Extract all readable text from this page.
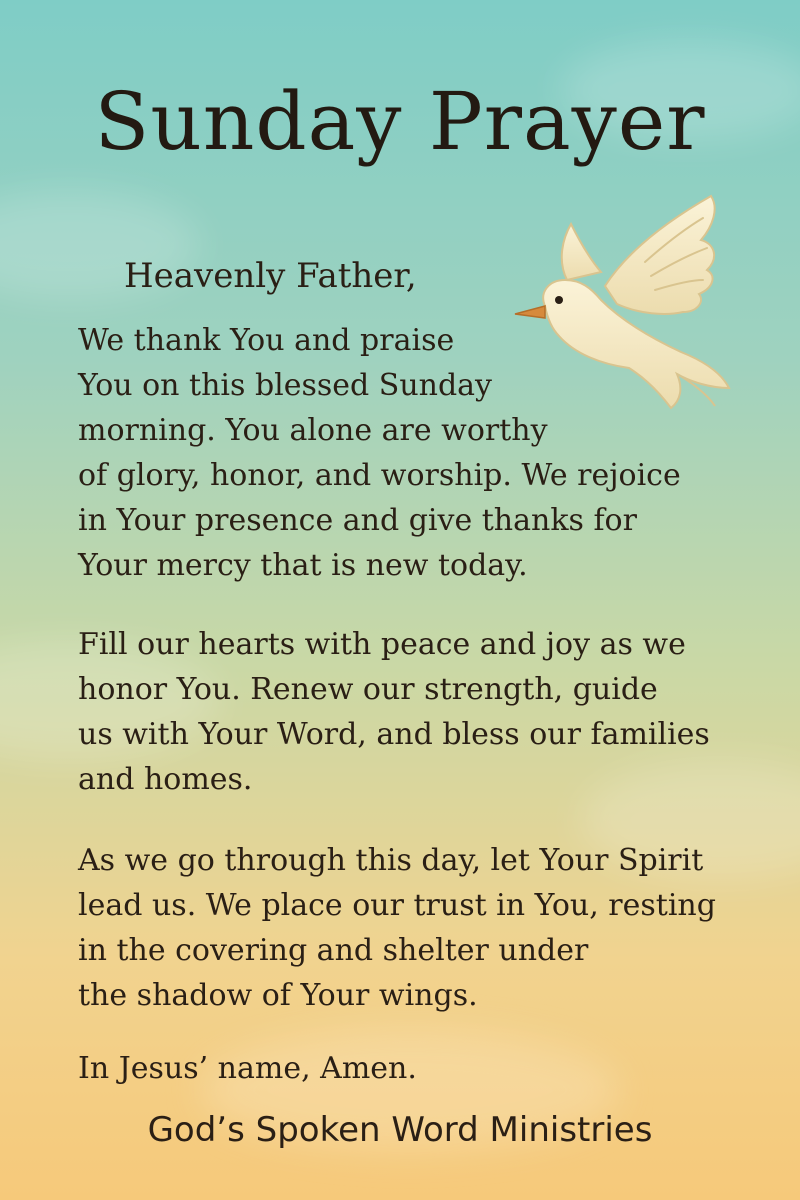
Sunday Prayer
Heavenly Father,

We thank You and praise
You on this blessed Sunday
morning. You alone are worthy
of glory, honor, and worship. We rejoice
in Your presence and give thanks for
Your mercy that is new today.

Fill our hearts with peace and joy as we
honor You. Renew our strength, guide
us with Your Word, and bless our families
and homes.

As we go through this day, let Your Spirit
lead us. We place our trust in You, resting
in the covering and shelter under
the shadow of Your wings.

In Jesus’ name, Amen.

God’s Spoken Word Ministries
